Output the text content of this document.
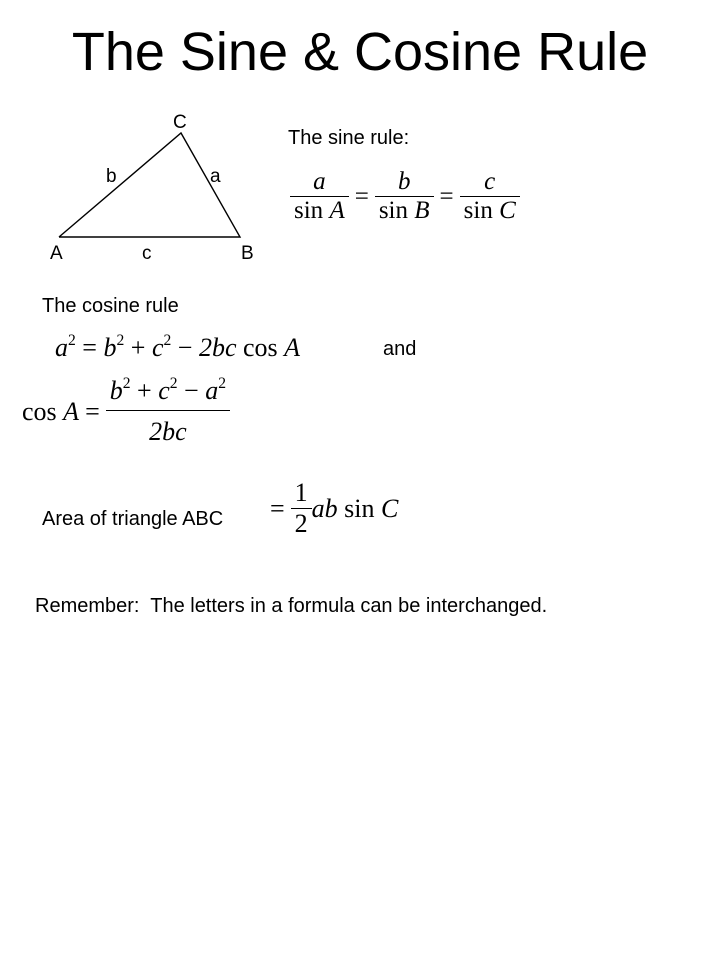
The Sine & Cosine Rule
C
A	B
b	a
c
The sine rule:
$\frac{a}{\text{sin A}} = \frac{b}{\text{sin B}} = \frac{c}{\text{sin C}}$
The cosine rule
$a^2 = b^2 + c^2 - 2bc$ cos A	and
$\cos A = \frac{b^2 + c^2 - a^2}{2bc}$
Area of triangle ABC = $\frac{1}{2}$ ab sin C
Remember:  The letters in a formula can be interchanged.
